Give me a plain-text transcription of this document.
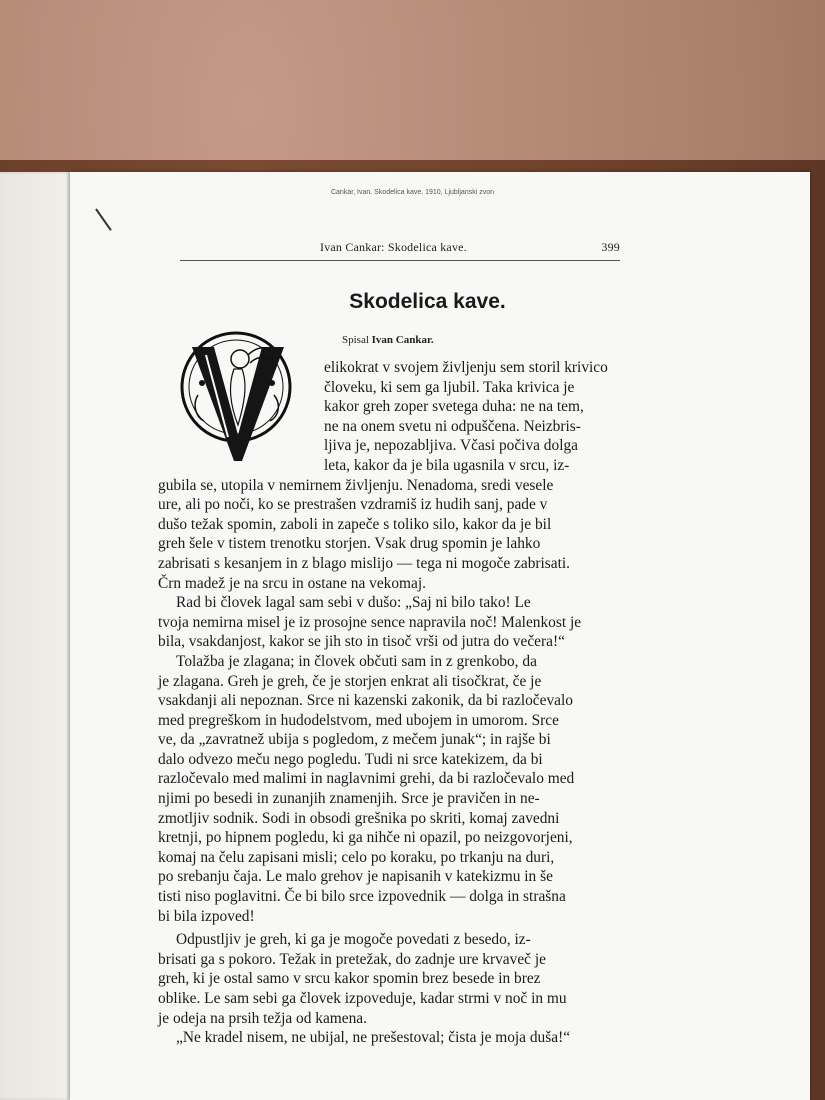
Cankar, Ivan. Skodelica kave. 1910, Ljubljanski zvon
Ivan Cankar: Skodelica kave.	399
Skodelica kave.
Spisal Ivan Cankar.
elikokrat v svojem življenju sem storil krivico
človeku, ki sem ga ljubil. Taka krivica je
kakor greh zoper svetega duha: ne na tem,
ne na onem svetu ni odpuščena. Neizbris-
ljiva je, nepozabljiva. Včasi počiva dolga
leta, kakor da je bila ugasnila v srcu, iz-
gubila se, utopila v nemirnem življenju. Nenadoma, sredi vesele
ure, ali po noči, ko se prestrašen vzdramiš iz hudih sanj, pade v
dušo težak spomin, zaboli in zapeče s toliko silo, kakor da je bil
greh šele v tistem trenotku storjen. Vsak drug spomin je lahko
zabrisati s kesanjem in z blago mislijo — tega ni mogoče zabrisati.
Črn madež je na srcu in ostane na vekomaj.
Rad bi človek lagal sam sebi v dušo: „Saj ni bilo tako! Le
tvoja nemirna misel je iz prosojne sence napravila noč! Malenkost je
bila, vsakdanjost, kakor se jih sto in tisoč vrši od jutra do večera!“
Tolažba je zlagana; in človek občuti sam in z grenkobo, da
je zlagana. Greh je greh, če je storjen enkrat ali tisočkrat, če je
vsakdanji ali nepoznan. Srce ni kazenski zakonik, da bi razločevalo
med pregreškom in hudodelstvom, med ubojem in umorom. Srce
ve, da „zavratnež ubija s pogledom, z mečem junak“; in rajše bi
dalo odvezo meču nego pogledu. Tudi ni srce katekizem, da bi
razločevalo med malimi in naglavnimi grehi, da bi razločevalo med
njimi po besedi in zunanjih znamenjih. Srce je pravičen in ne-
zmotljiv sodnik. Sodi in obsodi grešnika po skriti, komaj zavedni
kretnji, po hipnem pogledu, ki ga nihče ni opazil, po neizgovorjeni,
komaj na čelu zapisani misli; celo po koraku, po trkanju na duri,
po srebanju čaja. Le malo grehov je napisanih v katekizmu in še
tisti niso poglavitni. Če bi bilo srce izpovednik — dolga in strašna
bi bila izpoved!
Odpustljiv je greh, ki ga je mogoče povedati z besedo, iz-
brisati ga s pokoro. Težak in pretežak, do zadnje ure krvaveč je
greh, ki je ostal samo v srcu kakor spomin brez besede in brez
oblike. Le sam sebi ga človek izpoveduje, kadar strmi v noč in mu
je odeja na prsih težja od kamena.
„Ne kradel nisem, ne ubijal, ne prešestoval; čista je moja duša!“
